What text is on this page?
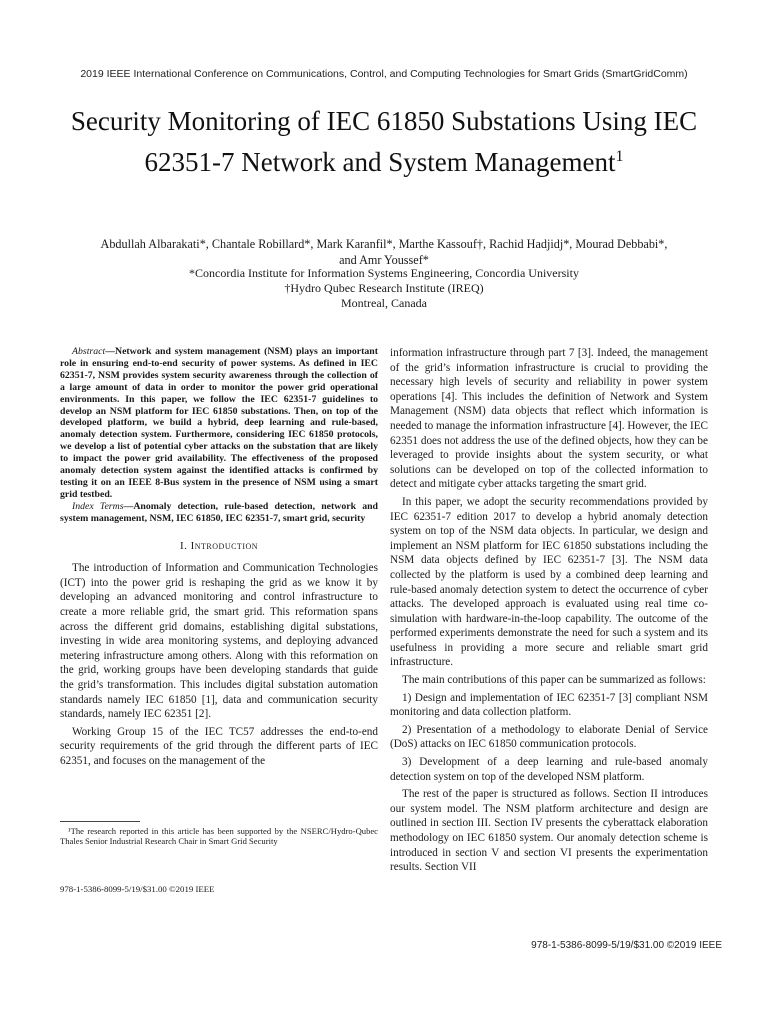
2019 IEEE International Conference on Communications, Control, and Computing Technologies for Smart Grids (SmartGridComm)
Security Monitoring of IEC 61850 Substations Using IEC 62351-7 Network and System Management$^1$
Abdullah Albarakati*, Chantale Robillard*, Mark Karanfil*, Marthe Kassouf†, Rachid Hadjidj*, Mourad Debbabi*,
and Amr Youssef*
*Concordia Institute for Information Systems Engineering, Concordia University
†Hydro Qubec Research Institute (IREQ)
Montreal, Canada

Abstract—Network and system management (NSM) plays an important role in ensuring end-to-end security of power systems. As defined in IEC 62351-7, NSM provides system security awareness through the collection of a large amount of data in order to monitor the power grid operational environments. In this paper, we follow the IEC 62351-7 guidelines to develop an NSM platform for IEC 61850 substations. Then, on top of the developed platform, we build a hybrid, deep learning and rule-based, anomaly detection system. Furthermore, considering IEC 61850 protocols, we develop a list of potential cyber attacks on the substation that are likely to impact the power grid availability. The effectiveness of the proposed anomaly detection system against the identified attacks is confirmed by testing it on an IEEE 8-Bus system in the presence of NSM using a smart grid testbed.

Index Terms—Anomaly detection, rule-based detection, network and system management, NSM, IEC 61850, IEC 62351-7, smart grid, security

I. Introduction

The introduction of Information and Communication Technologies (ICT) into the power grid is reshaping the grid as we know it by developing an advanced monitoring and control infrastructure to create a more reliable grid, the smart grid. This reformation spans across the different grid domains, establishing digital substations, investing in wide area monitoring systems, and deploying advanced metering infrastructure among others. Along with this reformation on the grid, working groups have been developing standards that guide the grid’s transformation. This includes digital substation automation standards namely IEC 61850 [1], data and communication security standards, namely IEC 62351 [2].

Working Group 15 of the IEC TC57 addresses the end-to-end security requirements of the grid through the different parts of IEC 62351, and focuses on the management of the

¹The research reported in this article has been supported by the NSERC/Hydro-Qubec Thales Senior Industrial Research Chair in Smart Grid Security

978-1-5386-8099-5/19/$31.00 ©2019 IEEE

information infrastructure through part 7 [3]. Indeed, the management of the grid’s information infrastructure is crucial to providing the necessary high levels of security and reliability in power system operations [4]. This includes the definition of Network and System Management (NSM) data objects that reflect which information is needed to manage the information infrastructure [4]. However, the IEC 62351 does not address the use of the defined objects, how they can be leveraged to provide insights about the system security, or what solutions can be developed on top of the collected information to detect and mitigate cyber attacks targeting the smart grid.

In this paper, we adopt the security recommendations provided by IEC 62351-7 edition 2017 to develop a hybrid anomaly detection system on top of the NSM data objects. In particular, we design and implement an NSM platform for IEC 61850 substations including the NSM data objects defined by IEC 62351-7 [3]. The NSM data collected by the platform is used by a combined deep learning and rule-based anomaly detection system to detect the occurrence of cyber attacks. The developed approach is evaluated using real time co-simulation with hardware-in-the-loop capability. The outcome of the performed experiments demonstrate the need for such a system and its usefulness in providing a more secure and reliable smart grid infrastructure.

The main contributions of this paper can be summarized as follows:

1) Design and implementation of IEC 62351-7 [3] compliant NSM monitoring and data collection platform.

2) Presentation of a methodology to elaborate Denial of Service (DoS) attacks on IEC 61850 communication protocols.

3) Development of a deep learning and rule-based anomaly detection system on top of the developed NSM platform.

The rest of the paper is structured as follows. Section II introduces our system model. The NSM platform architecture and design are outlined in section III. Section IV presents the cyberattack elaboration methodology on IEC 61850 system. Our anomaly detection scheme is introduced in section V and section VI presents the experimentation results. Section VII

978-1-5386-8099-5/19/$31.00 ©2019 IEEE
